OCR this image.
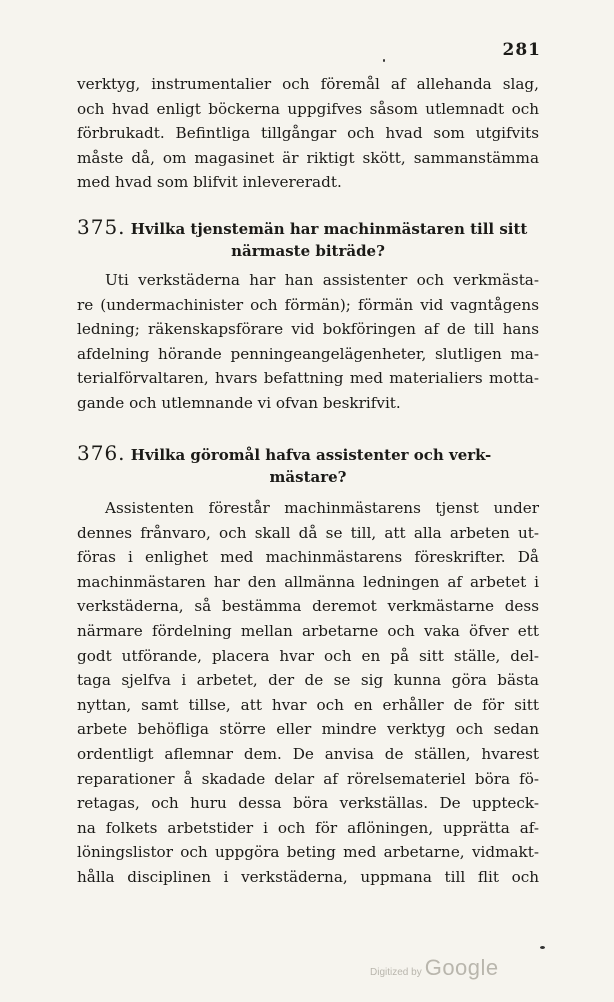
281
verktyg, instrumentalier och föremål af allehanda slag,
och hvad enligt böckerna uppgifves såsom utlemnadt och
förbrukadt. Befintliga tillgångar och hvad som utgifvits
måste då, om magasinet är riktigt skött, sammanstämma
med hvad som blifvit inlevereradt.
375. Hvilka tjenstemän har machinmästaren till sitt
närmaste biträde?
Uti verkstäderna har han assistenter och verkmästa-
re (undermachinister och förmän); förmän vid vagntågens
ledning; räkenskapsförare vid bokföringen af de till hans
afdelning hörande penningeangelägenheter, slutligen ma-
terialförvaltaren, hvars befattning med materialiers motta-
gande och utlemnande vi ofvan beskrifvit.
376. Hvilka göromål hafva assistenter och verk-
mästare?
Assistenten förestår machinmästarens tjenst under
dennes frånvaro, och skall då se till, att alla arbeten ut-
föras i enlighet med machinmästarens föreskrifter. Då
machinmästaren har den allmänna ledningen af arbetet i
verkstäderna, så bestämma deremot verkmästarne dess
närmare fördelning mellan arbetarne och vaka öfver ett
godt utförande, placera hvar och en på sitt ställe, del-
taga sjelfva i arbetet, der de se sig kunna göra bästa
nyttan, samt tillse, att hvar och en erhåller de för sitt
arbete behöfliga större eller mindre verktyg och sedan
ordentligt aflemnar dem. De anvisa de ställen, hvarest
reparationer å skadade delar af rörelsemateriel böra fö-
retagas, och huru dessa böra verkställas. De uppteck-
na folkets arbetstider i och för aflöningen, upprätta af-
löningslistor och uppgöra beting med arbetarne, vidmakt-
hålla disciplinen i verkstäderna, uppmana till flit och
Digitized by Google
